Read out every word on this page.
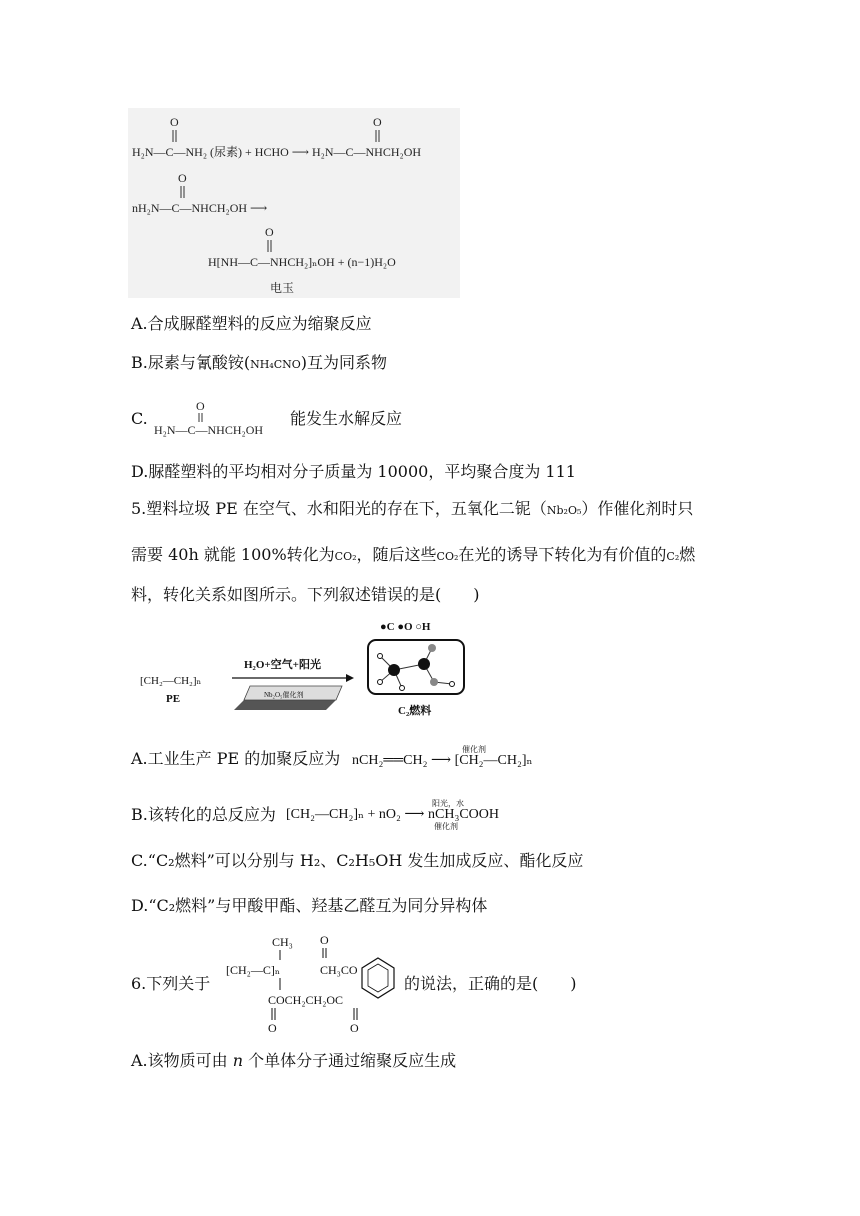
O	O
H₂N—C—NH₂ (尿素) + HCHO ⟶ H₂N—C—NHCH₂OH
O
nH₂N—C—NHCH₂OH ⟶
O
H[NH—C—NHCH₂]ₙOH + (n−1)H₂O
电玉
A.合成脲醛塑料的反应为缩聚反应
B.尿素与氰酸铵(NH₄CNO)互为同系物
C.
O
H₂N—C—NHCH₂OH
能发生水解反应
D.脲醛塑料的平均相对分子质量为 10000，平均聚合度为 111
5.塑料垃圾 PE 在空气、水和阳光的存在下，五氧化二铌（Nb₂O₅）作催化剂时只
需要 40h 就能 100%转化为CO₂，随后这些CO₂在光的诱导下转化为有价值的C₂燃
料，转化关系如图所示。下列叙述错误的是(　　)
[CH₂—CH₂]ₙ
PE
H₂O+空气+阳光
Nb₂O₅催化剂
●C ●O ○H
C₂燃料
A.工业生产 PE 的加聚反应为 nCH₂══CH₂ ⟶ [CH₂—CH₂]ₙ
催化剂
B.该转化的总反应为 [CH₂—CH₂]ₙ + nO₂ ⟶ nCH₃COOH
阳光，水
催化剂
C.“C₂燃料”可以分别与 H₂、C₂H₅OH 发生加成反应、酯化反应
D.“C₂燃料”与甲酸甲酯、羟基乙醛互为同分异构体
6.下列关于
CH₃
[CH₂—C]ₙ
COCH₂CH₂OC
O	O
O
CH₃CO
的说法，正确的是(　　)
A.该物质可由 n 个单体分子通过缩聚反应生成
